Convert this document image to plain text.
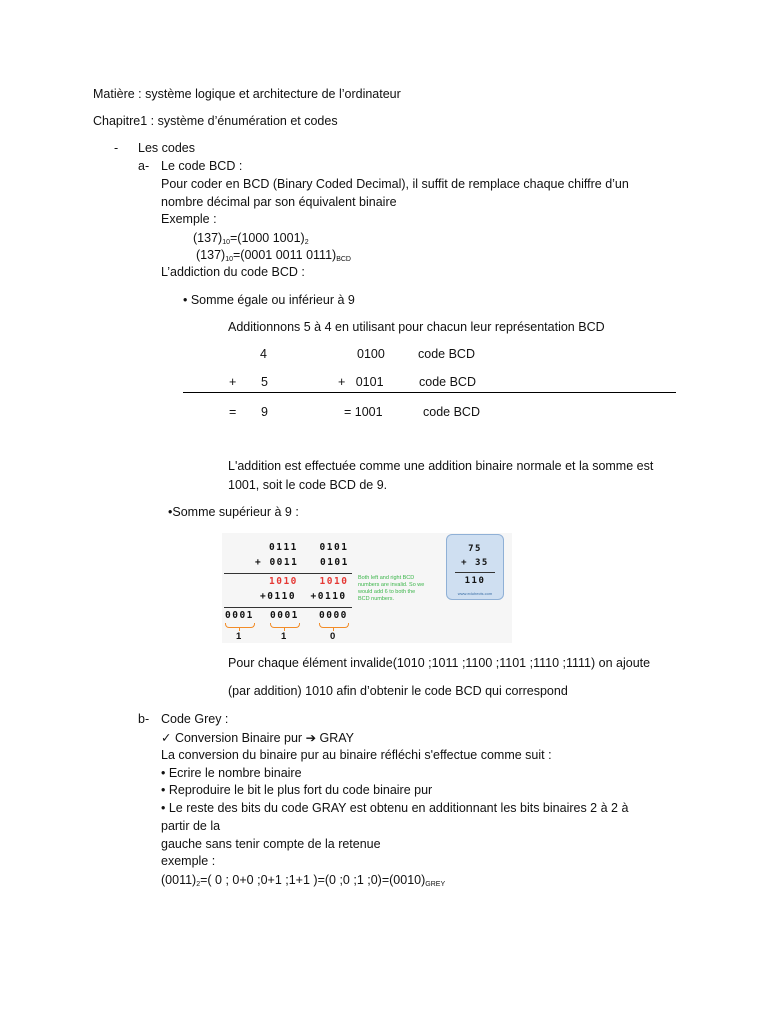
Matière : système logique et architecture de l’ordinateur
Chapitre1 : système d’énumération et codes
- Les codes
a- Le code BCD :
Pour coder en BCD (Binary Coded Decimal), il suffit de remplace chaque chiffre d’un
nombre décimal par son équivalent binaire
Exemple :
$(137)_{10}=(1000$ $1001)_2$
$(137)_{10}=(0001$ 0011 $0111)_{BCD}$
L’addiction du code BCD :
• Somme égale ou inférieur à 9
Additionnons 5 à 4 en utilisant pour chacun leur représentation BCD
4	0100	code BCD
+ 5	+   0101	code BCD
= 9	= 1001	code BCD
L'addition est effectuée comme une addition binaire normale et la somme est
1001, soit le code BCD de 9.
•Somme supérieur à 9 :
0111   0101
+ 0011   0101
1010   1010
+0110  +0110
0001 0001 0000
1	1	0
Both left and right BCD numbers are invalid. So we would add 6 to both the BCD numbers.
75
+ 35
110
www.eduhects.com
Pour chaque élément invalide(1010 ;1011 ;1100 ;1101 ;1110 ;1111) on ajoute
(par addition) 1010 afin d’obtenir le code BCD qui correspond
b- Code Grey :
✓ Conversion Binaire pur ➔ GRAY
La conversion du binaire pur au binaire réfléchi s'effectue comme suit :
• Ecrire le nombre binaire
• Reproduire le bit le plus fort du code binaire pur
• Le reste des bits du code GRAY est obtenu en additionnant les bits binaires 2 à 2 à
partir de la
gauche sans tenir compte de la retenue
exemple :
$(0011)_2=$( 0 ; 0+0 ;0+1 ;1+1 )=(0 ;0 ;1 $;0)=(0010)_{GREY}$
